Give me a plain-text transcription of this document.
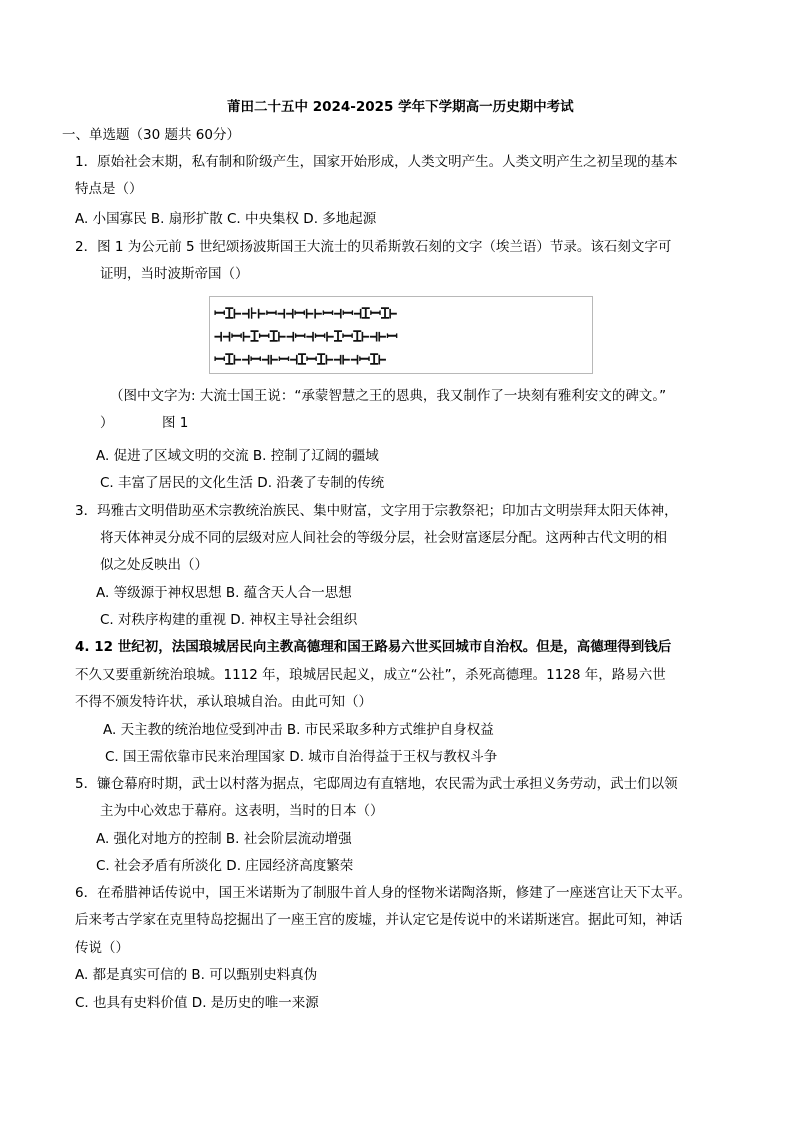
莆田二十五中 2024-2025 学年下学期高一历史期中考试
一、单选题（30 题共 60分）
1．原始社会末期，私有制和阶级产生，国家开始形成，人类文明产生。人类文明产生之初呈现的基本
特点是（）
A. 小国寡民 B. 扇形扩散 C. 中央集权 D. 多地起源
2．图 1 为公元前 5 世纪颂扬波斯国王大流士的贝希斯敦石刻的文字（埃兰语）节录。该石刻文字可
证明，当时波斯帝国（）
ꟷꞮ⊢⊣⊦⊢ꟷ⊣⊣ꟷ⊢⊢ꟷ⊣ꟷ⊣ꞮꟷꞮ⊢
⊣⊣ꟷ⊢ꞮꟷꞮ⊢⊣ꟷ⊣ꟷ⊢ꞮꟷꞮ⊢⊣⊢ꟷ
ꟷꞮ⊢⊣ꟷ⊣⊢ꟷ⊣ꞮꟷꞮ⊢⊣⊢⊣ꟷꞮ⊢
（图中文字为: 大流士国王说：“承蒙智慧之王的恩典，我又制作了一块刻有雅利安文的碑文。”
）	图 1
A. 促进了区域文明的交流 B. 控制了辽阔的疆域
C. 丰富了居民的文化生活 D. 沿袭了专制的传统
3．玛雅古文明借助巫术宗教统治族民、集中财富，文字用于宗教祭祀；印加古文明崇拜太阳天体神，
将天体神灵分成不同的层级对应人间社会的等级分层，社会财富逐层分配。这两种古代文明的相
似之处反映出（）
A. 等级源于神权思想 B. 蕴含天人合一思想
C. 对秩序构建的重视 D. 神权主导社会组织
4. 12 世纪初，法国琅城居民向主教高德理和国王路易六世买回城市自治权。但是，高德理得到钱后
不久又要重新统治琅城。1112 年，琅城居民起义，成立“公社”，杀死高德理。1128 年，路易六世
不得不颁发特许状，承认琅城自治。由此可知（）
A. 天主教的统治地位受到冲击 B. 市民采取多种方式维护自身权益
C. 国王需依靠市民来治理国家 D. 城市自治得益于王权与教权斗争
5．镰仓幕府时期，武士以村落为据点，宅邸周边有直辖地，农民需为武士承担义务劳动，武士们以领
主为中心效忠于幕府。这表明，当时的日本（）
A. 强化对地方的控制 B. 社会阶层流动增强
C. 社会矛盾有所淡化 D. 庄园经济高度繁荣
6．在希腊神话传说中，国王米诺斯为了制服牛首人身的怪物米诺陶洛斯，修建了一座迷宫让天下太平。
后来考古学家在克里特岛挖掘出了一座王宫的废墟，并认定它是传说中的米诺斯迷宫。据此可知，神话
传说（）
A. 都是真实可信的 B. 可以甄别史料真伪
C. 也具有史料价值 D. 是历史的唯一来源
